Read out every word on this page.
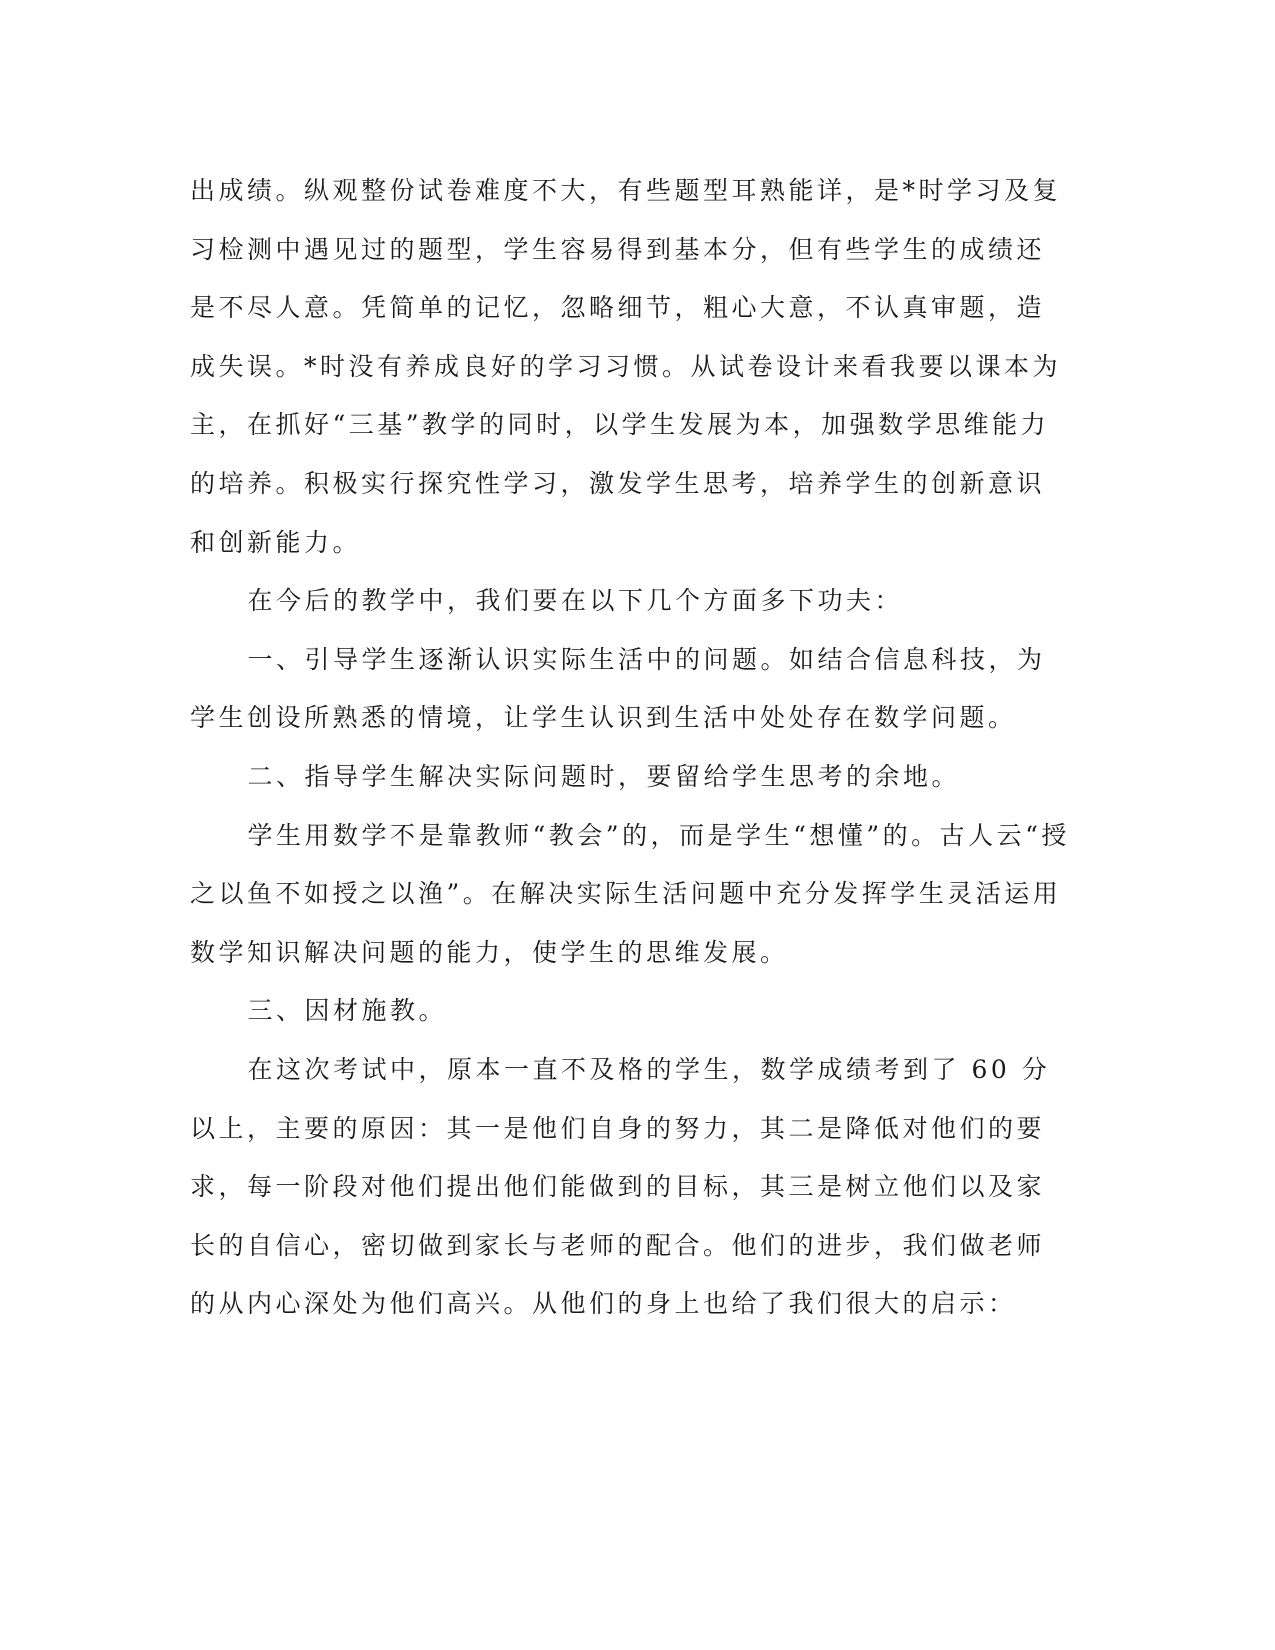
出成绩。纵观整份试卷难度不大，有些题型耳熟能详，是*时学习及复
习检测中遇见过的题型，学生容易得到基本分，但有些学生的成绩还
是不尽人意。凭简单的记忆，忽略细节，粗心大意，不认真审题，造
成失误。*时没有养成良好的学习习惯。从试卷设计来看我要以课本为
主，在抓好“三基”教学的同时，以学生发展为本，加强数学思维能力
的培养。积极实行探究性学习，激发学生思考，培养学生的创新意识
和创新能力。
在今后的教学中，我们要在以下几个方面多下功夫：
一、引导学生逐渐认识实际生活中的问题。如结合信息科技，为
学生创设所熟悉的情境，让学生认识到生活中处处存在数学问题。
二、指导学生解决实际问题时，要留给学生思考的余地。
学生用数学不是靠教师“教会”的，而是学生“想懂”的。古人云“授
之以鱼不如授之以渔”。在解决实际生活问题中充分发挥学生灵活运用
数学知识解决问题的能力，使学生的思维发展。
三、因材施教。
在这次考试中，原本一直不及格的学生，数学成绩考到了 60 分
以上，主要的原因：其一是他们自身的努力，其二是降低对他们的要
求，每一阶段对他们提出他们能做到的目标，其三是树立他们以及家
长的自信心，密切做到家长与老师的配合。他们的进步，我们做老师
的从内心深处为他们高兴。从他们的身上也给了我们很大的启示：
